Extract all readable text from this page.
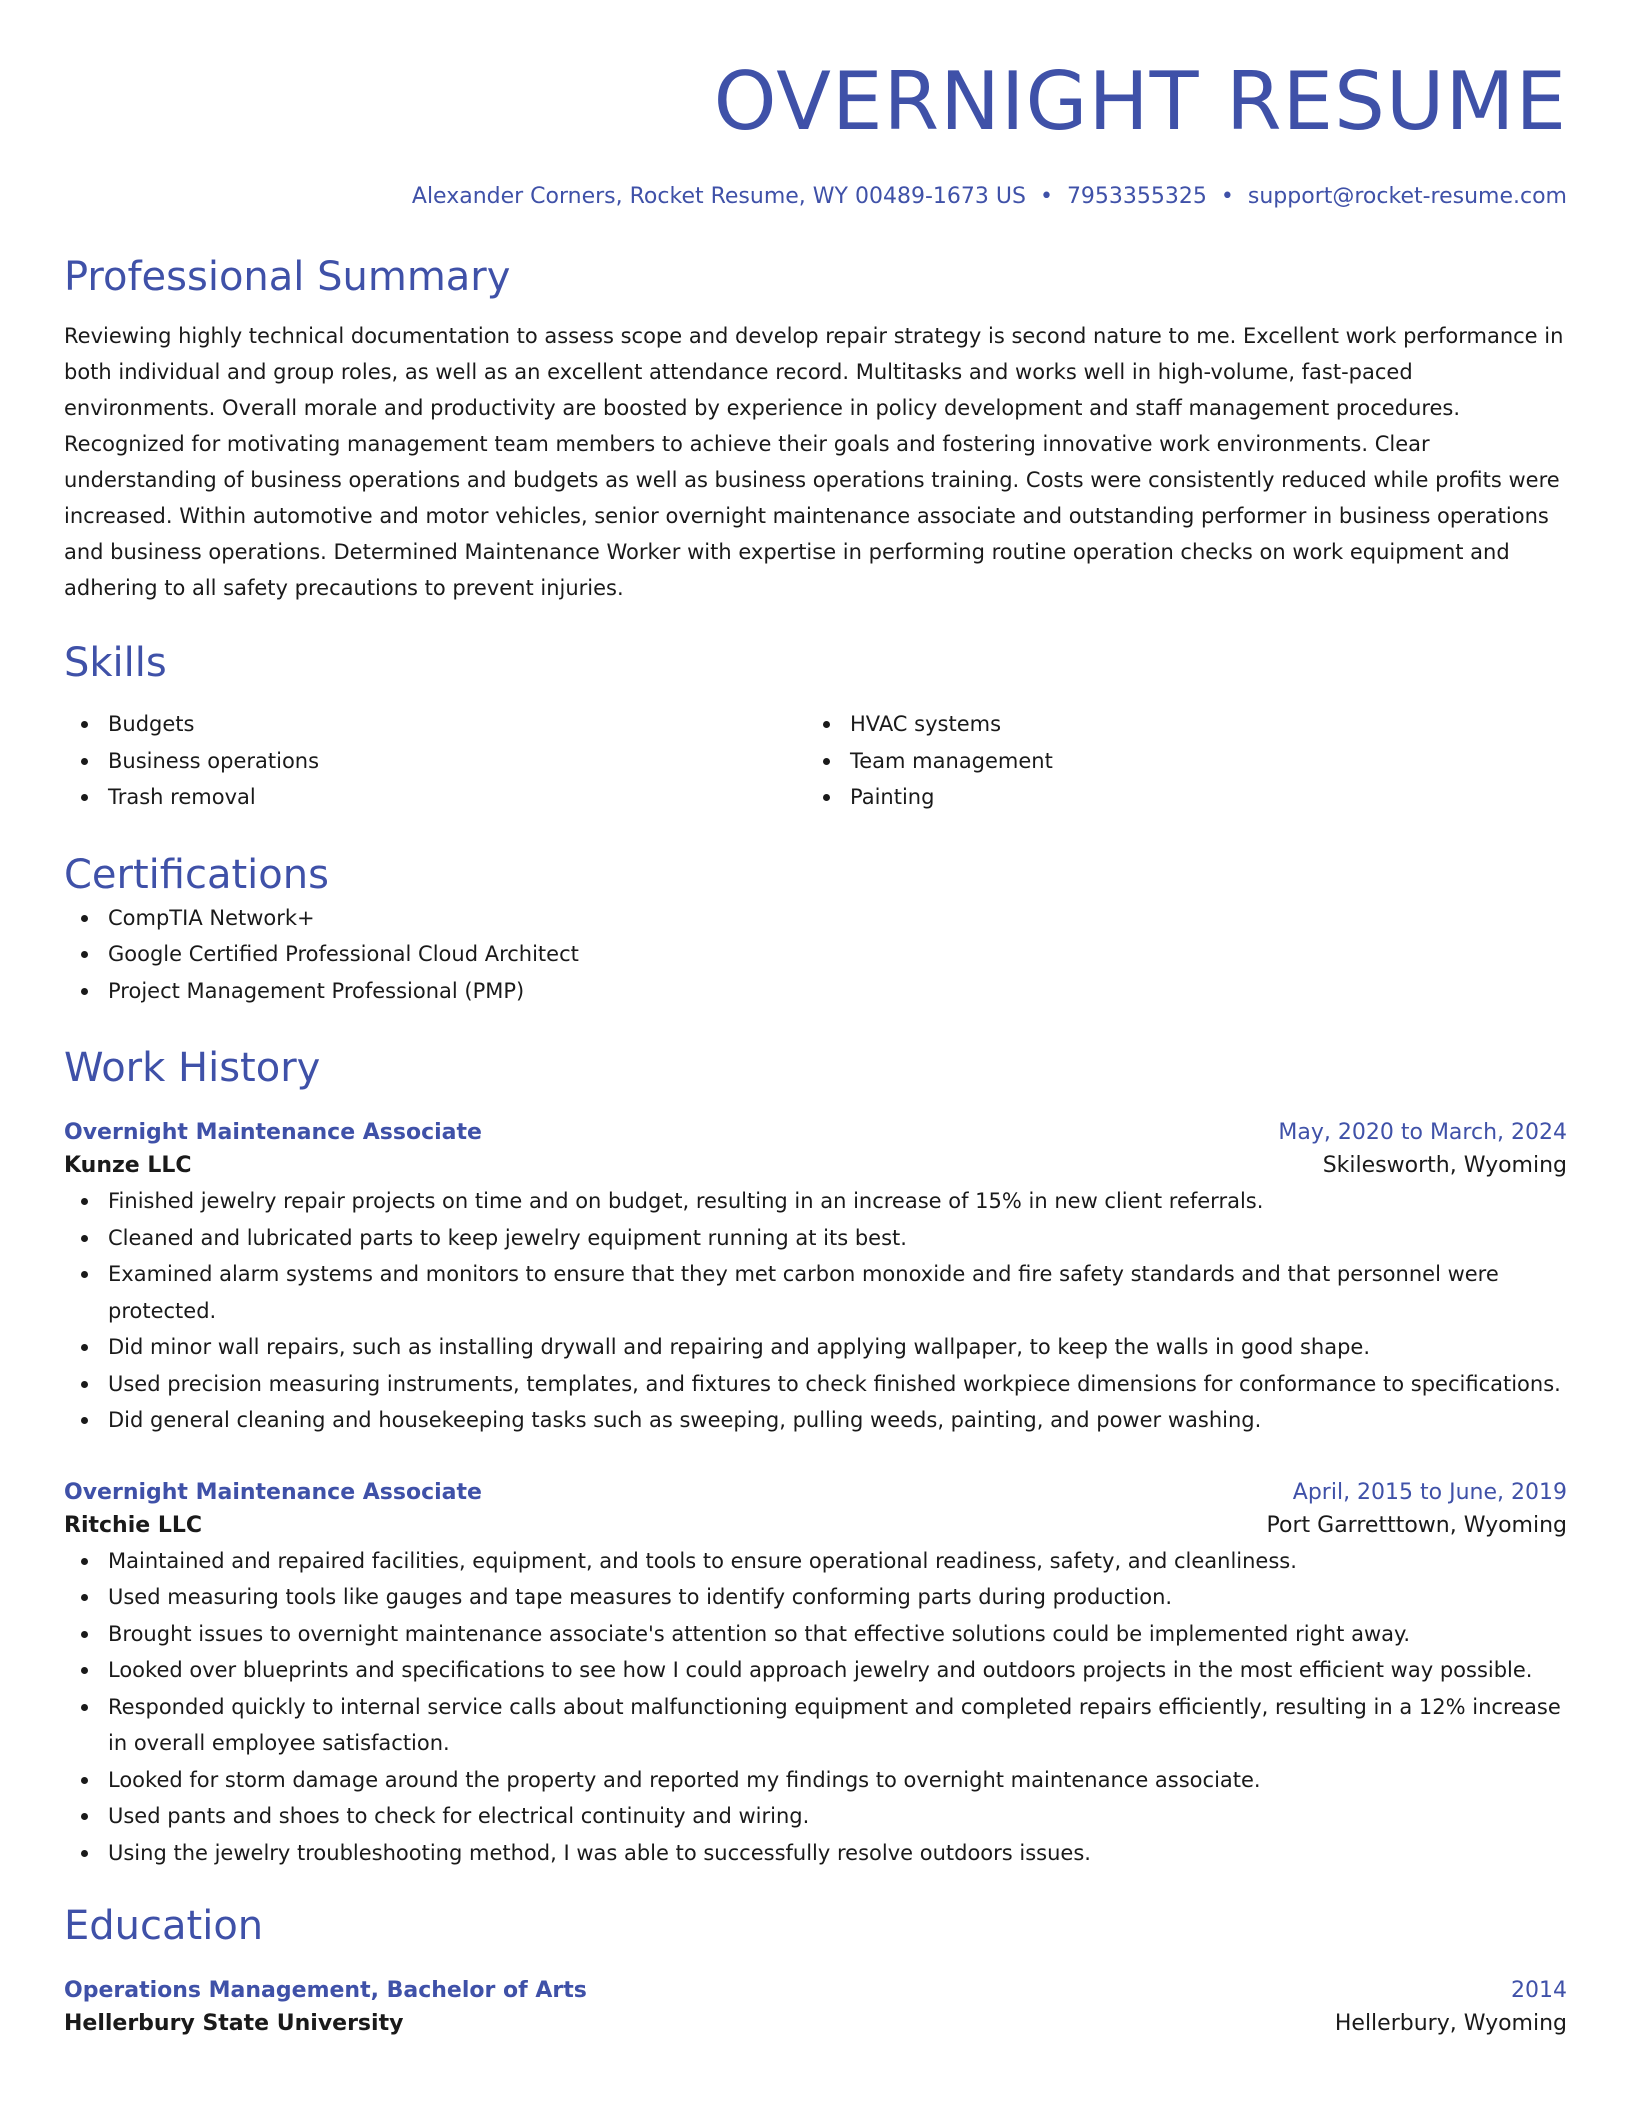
OVERNIGHT RESUME
Alexander Corners, Rocket Resume, WY 00489-1673 US • 7953355325 • support@rocket-resume.com
Professional Summary
Reviewing highly technical documentation to assess scope and develop repair strategy is second nature to me. Excellent work performance in both individual and group roles, as well as an excellent attendance record. Multitasks and works well in high-volume, fast-paced environments. Overall morale and productivity are boosted by experience in policy development and staff management procedures. Recognized for motivating management team members to achieve their goals and fostering innovative work environments. Clear understanding of business operations and budgets as well as business operations training. Costs were consistently reduced while profits were increased. Within automotive and motor vehicles, senior overnight maintenance associate and outstanding performer in business operations and business operations. Determined Maintenance Worker with expertise in performing routine operation checks on work equipment and adhering to all safety precautions to prevent injuries.
Skills
Budgets
Business operations
Trash removal
HVAC systems
Team management
Painting
Certifications
CompTIA Network+
Google Certified Professional Cloud Architect
Project Management Professional (PMP)
Work History
Overnight Maintenance Associate	May, 2020 to March, 2024
Kunze LLC	Skilesworth, Wyoming
Finished jewelry repair projects on time and on budget, resulting in an increase of 15% in new client referrals.
Cleaned and lubricated parts to keep jewelry equipment running at its best.
Examined alarm systems and monitors to ensure that they met carbon monoxide and fire safety standards and that personnel were protected.
Did minor wall repairs, such as installing drywall and repairing and applying wallpaper, to keep the walls in good shape.
Used precision measuring instruments, templates, and fixtures to check finished workpiece dimensions for conformance to specifications.
Did general cleaning and housekeeping tasks such as sweeping, pulling weeds, painting, and power washing.
Overnight Maintenance Associate	April, 2015 to June, 2019
Ritchie LLC	Port Garretttown, Wyoming
Maintained and repaired facilities, equipment, and tools to ensure operational readiness, safety, and cleanliness.
Used measuring tools like gauges and tape measures to identify conforming parts during production.
Brought issues to overnight maintenance associate's attention so that effective solutions could be implemented right away.
Looked over blueprints and specifications to see how I could approach jewelry and outdoors projects in the most efficient way possible.
Responded quickly to internal service calls about malfunctioning equipment and completed repairs efficiently, resulting in a 12% increase in overall employee satisfaction.
Looked for storm damage around the property and reported my findings to overnight maintenance associate.
Used pants and shoes to check for electrical continuity and wiring.
Using the jewelry troubleshooting method, I was able to successfully resolve outdoors issues.
Education
Operations Management, Bachelor of Arts	2014
Hellerbury State University	Hellerbury, Wyoming
